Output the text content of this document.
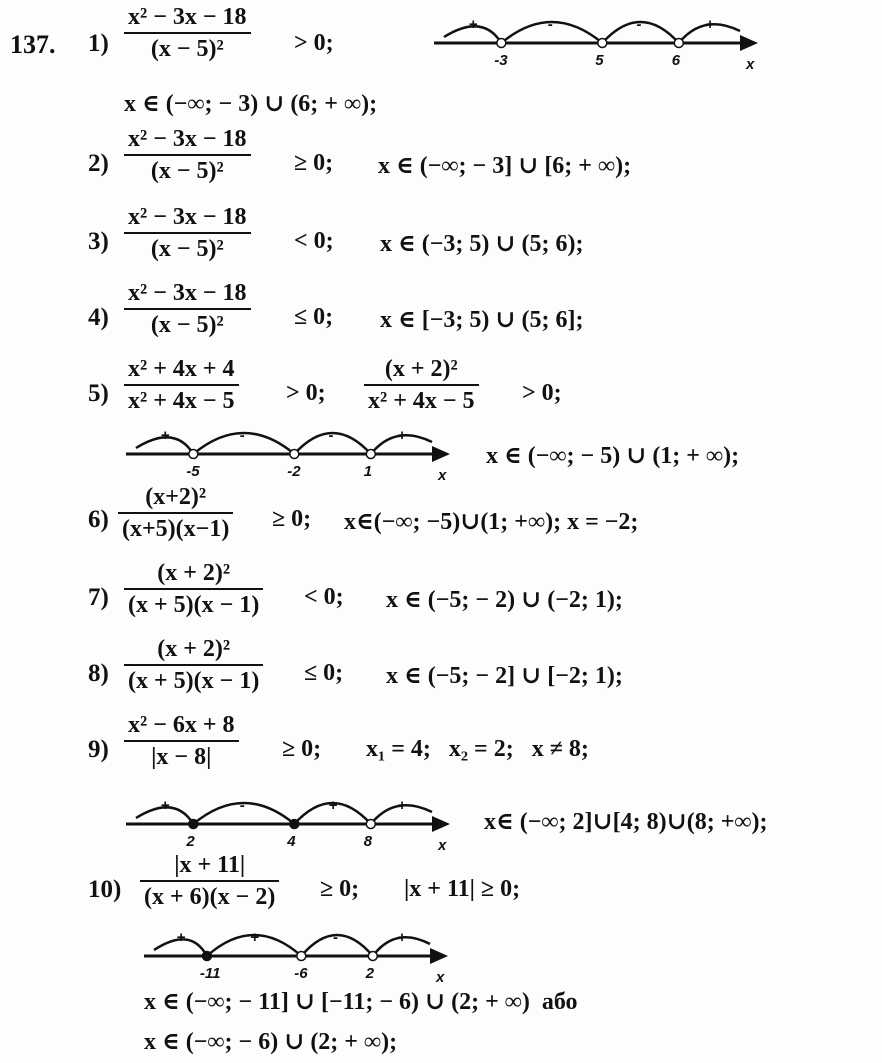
137. $1) \frac{\text{x² − 3x − 18}}{\text{(x − 5)²}} > 0$;
+	-	-	+
-3	5	6	x
x ∈ (−∞; − 3) ∪ (6; + ∞);
$2) \frac{\text{x² − 3x − 18}}{\text{(x − 5)²}} \ge 0$; x ∈ (−∞; − 3] ∪ [6; + ∞);
$3) \frac{\text{x² − 3x − 18}}{\text{(x − 5)²}} < 0$; x ∈ (−3; 5) ∪ (5; 6);
$4) \frac{\text{x² − 3x − 18}}{\text{(x − 5)²}} \le 0$; x ∈ [−3; 5) ∪ (5; 6];
$5) \frac{\text{x² + 4x + 4}}{\text{x² + 4x − 5}} > 0$; $\frac{\text{(x + 2)²}}{\text{x² + 4x − 5}} > 0$;
+	-	-	+
-5	-2	1	x
x ∈ (−∞; − 5) ∪ (1; + ∞);
$6) \frac{\text{(x+2)²}}{(x+5)(x-1)} \ge 0$; x∈(−∞; −5)∪(1; +∞); x = −2;
$7) \frac{\text{(x + 2)²}}{(x + 5)(x - 1)} < 0$; x ∈ (−5; − 2) ∪ (−2; 1);
$8) \frac{\text{(x + 2)²}}{(x + 5)(x - 1)} \le 0$; x ∈ (−5; − 2] ∪ [−2; 1);
$9) \frac{\text{x² − 6x + 8}}{|x - 8|} \ge 0$; x₁ = 4;   x₂ = 2;   x ≠ 8;
+	-	+	+
2	4	8	x
x∈ (−∞; 2]∪[4; 8)∪(8; +∞);
$10) \frac{|x + 11|}{(x + 6)(x - 2)} \ge 0$; |x + 11| ≥ 0;
+	+	-	+
-11	-6	2	x
x ∈ (−∞; − 11] ∪ [−11; − 6) ∪ (2; + ∞)  або
x ∈ (−∞; − 6) ∪ (2; + ∞);
